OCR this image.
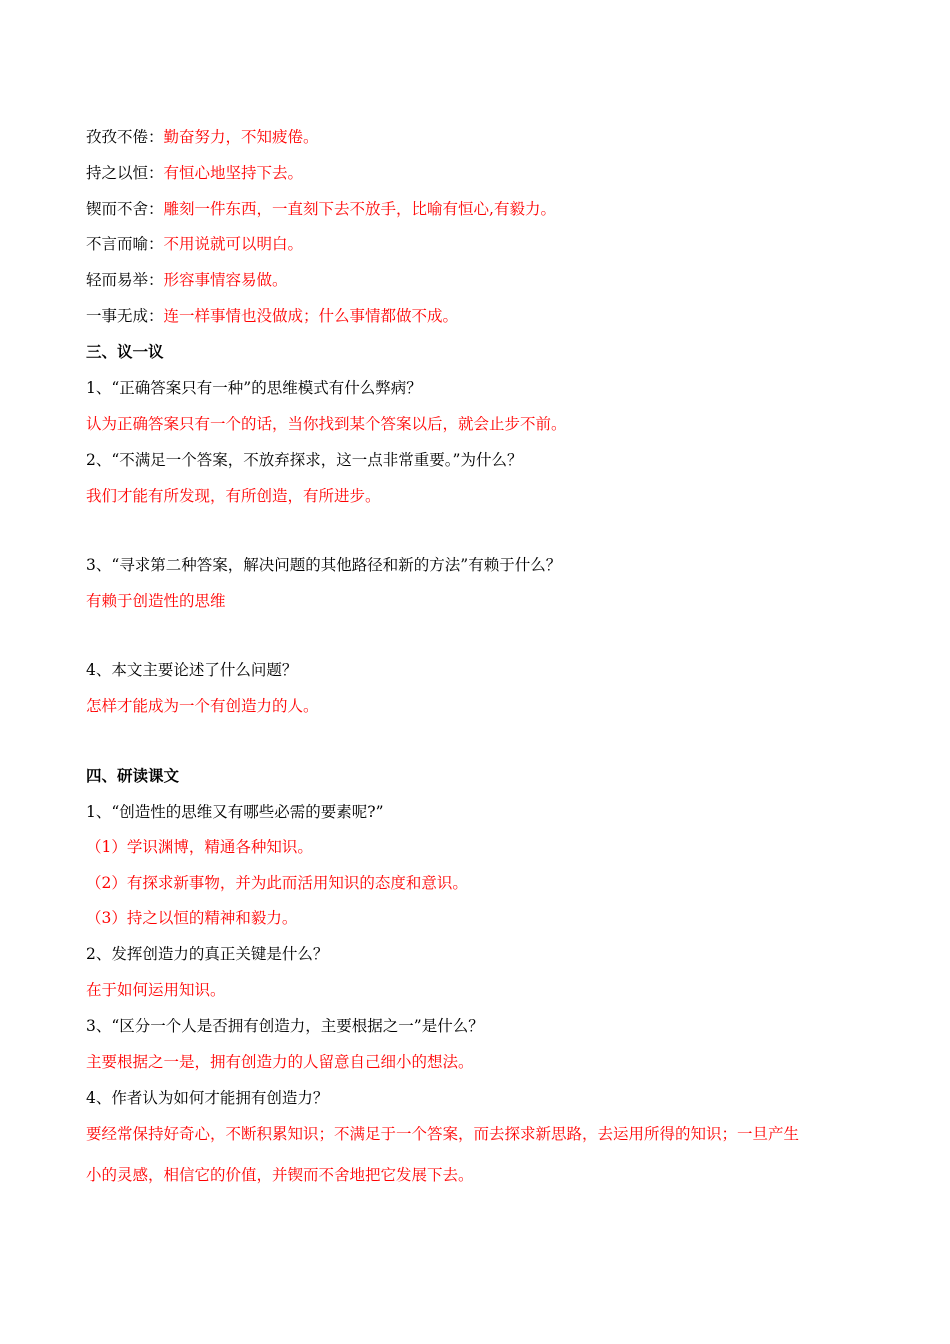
孜孜不倦：勤奋努力，不知疲倦。
持之以恒：有恒心地坚持下去。
锲而不舍：雕刻一件东西，一直刻下去不放手，比喻有恒心,有毅力。
不言而喻：不用说就可以明白。
轻而易举：形容事情容易做。
一事无成：连一样事情也没做成；什么事情都做不成。
三、议一议
1、“正确答案只有一种”的思维模式有什么弊病？
认为正确答案只有一个的话，当你找到某个答案以后，就会止步不前。
2、“不满足一个答案，不放弃探求，这一点非常重要。”为什么？
我们才能有所发现，有所创造，有所进步。
3、“寻求第二种答案，解决问题的其他路径和新的方法”有赖于什么？
有赖于创造性的思维
4、本文主要论述了什么问题？
怎样才能成为一个有创造力的人。
四、研读课文
1、“创造性的思维又有哪些必需的要素呢?”
（1）学识渊博，精通各种知识。
（2）有探求新事物，并为此而活用知识的态度和意识。
（3）持之以恒的精神和毅力。
2、发挥创造力的真正关键是什么？
在于如何运用知识。
3、“区分一个人是否拥有创造力，主要根据之一”是什么？
主要根据之一是，拥有创造力的人留意自己细小的想法。
4、作者认为如何才能拥有创造力？
要经常保持好奇心，不断积累知识；不满足于一个答案，而去探求新思路，去运用所得的知识；一旦产生
小的灵感，相信它的价值，并锲而不舍地把它发展下去。
